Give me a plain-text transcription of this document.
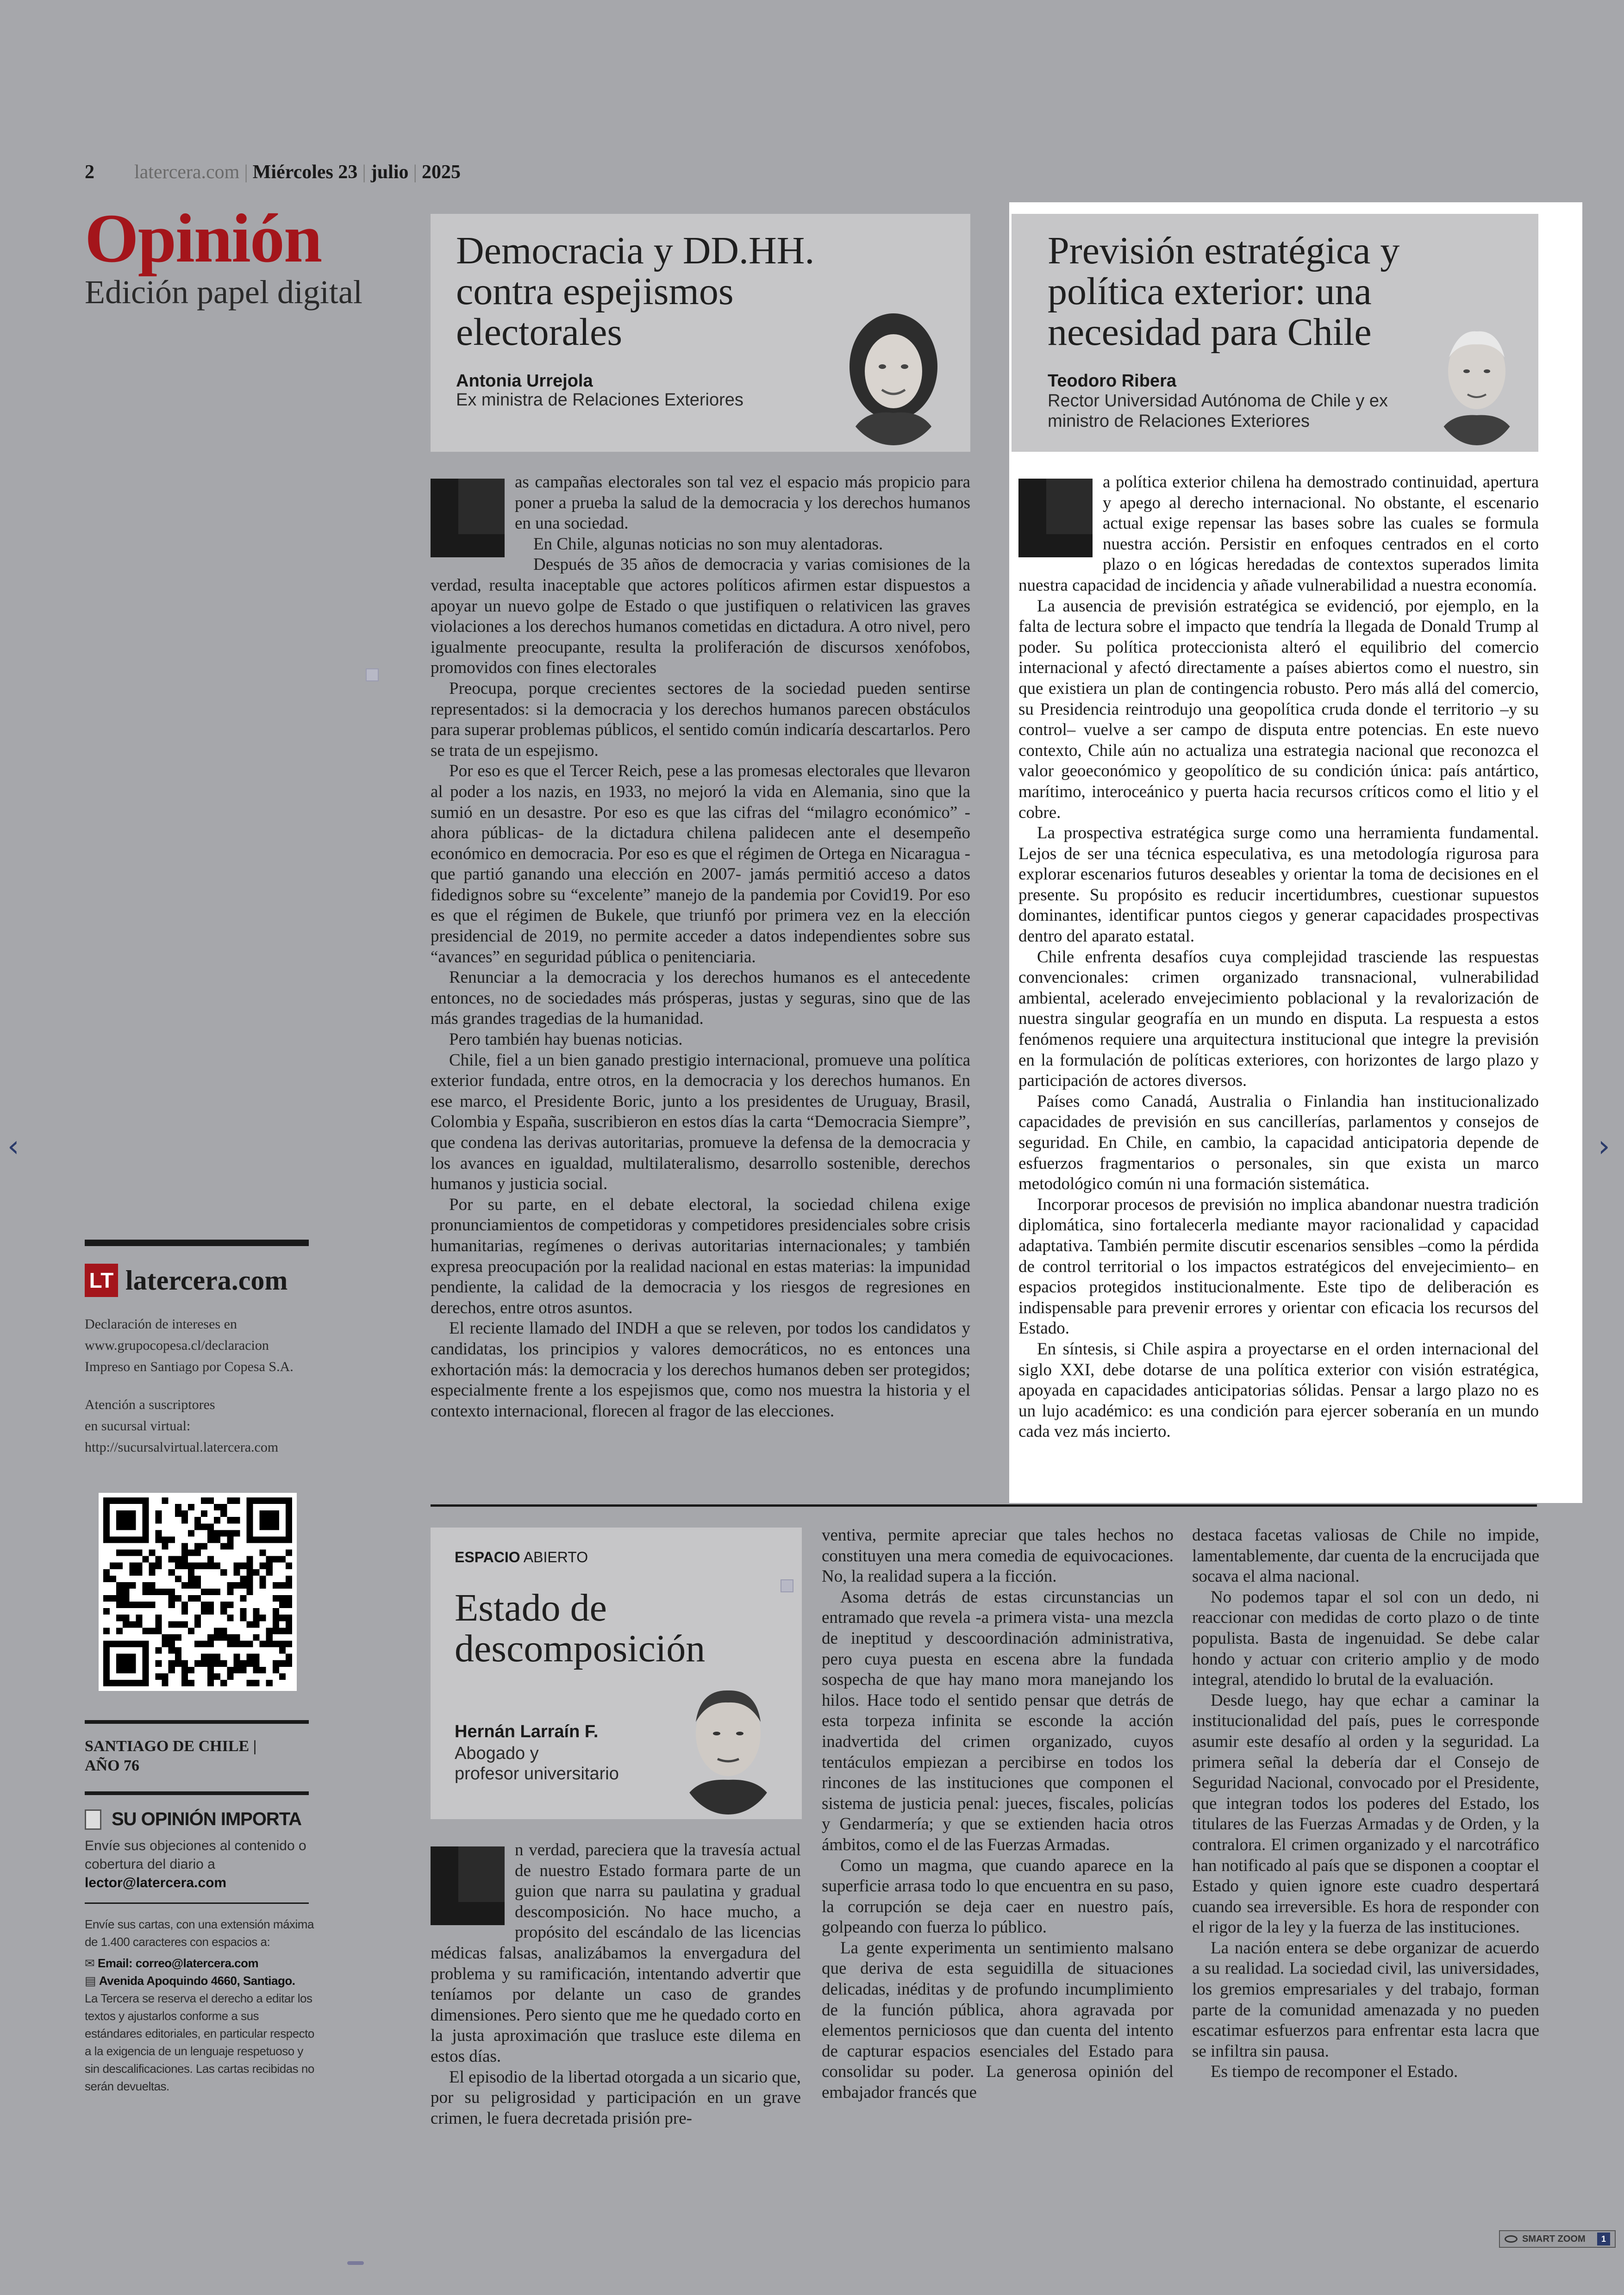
2 latercera.com | Miércoles 23 | julio | 2025
Opinión
Edición papel digital
LT latercera.com
Declaración de intereses en
www.grupocopesa.cl/declaracion
Impreso en Santiago por Copesa S.A.
Atención a suscriptores
en sucursal virtual:
http://sucursalvirtual.latercera.com
SANTIAGO DE CHILE |
AÑO 76
SU OPINIÓN IMPORTA
Envíe sus objeciones al contenido o cobertura del diario a
lector@latercera.com
Envíe sus cartas, con una extensión máxima de 1.400 caracteres con espacios a:
✉ Email: correo@latercera.com
▤ Avenida Apoquindo 4660, Santiago.
La Tercera se reserva el derecho a editar los textos y ajustarlos conforme a sus estándares editoriales, en particular respecto a la exigencia de un lenguaje respetuoso y sin descalificaciones. Las cartas recibidas no serán devueltas.
Democracia y DD.HH.
contra espejismos
electorales
Antonia Urrejola
Ex ministra de Relaciones Exteriores

as campañas electorales son tal vez el espacio más propicio para poner a prueba la salud de la democracia y los derechos humanos en una sociedad.

En Chile, algunas noticias no son muy alentadoras.

Después de 35 años de democracia y varias comisiones de la verdad, resulta inaceptable que actores políticos afirmen estar dispuestos a apoyar un nuevo golpe de Estado o que justifiquen o relativicen las graves violaciones a los derechos humanos cometidas en dictadura. A otro nivel, pero igualmente preocupante, resulta la proliferación de discursos xenófobos, promovidos con fines electorales

Preocupa, porque crecientes sectores de la sociedad pueden sentirse representados: si la democracia y los derechos humanos parecen obstáculos para superar problemas públicos, el sentido común indicaría descartarlos. Pero se trata de un espejismo.

Por eso es que el Tercer Reich, pese a las promesas electorales que llevaron al poder a los nazis, en 1933, no mejoró la vida en Alemania, sino que la sumió en un desastre. Por eso es que las cifras del “milagro económico” -ahora públicas- de la dictadura chilena palidecen ante el desempeño económico en democracia. Por eso es que el régimen de Ortega en Nicaragua -que partió ganando una elección en 2007- jamás permitió acceso a datos fidedignos sobre su “excelente” manejo de la pandemia por Covid19. Por eso es que el régimen de Bukele, que triunfó por primera vez en la elección presidencial de 2019, no permite acceder a datos independientes sobre sus “avances” en seguridad pública o penitenciaria.

Renunciar a la democracia y los derechos humanos es el antecedente entonces, no de sociedades más prósperas, justas y seguras, sino que de las más grandes tragedias de la humanidad.

Pero también hay buenas noticias.

Chile, fiel a un bien ganado prestigio internacional, promueve una política exterior fundada, entre otros, en la democracia y los derechos humanos. En ese marco, el Presidente Boric, junto a los presidentes de Uruguay, Brasil, Colombia y España, suscribieron en estos días la carta “Democracia Siempre”, que condena las derivas autoritarias, promueve la defensa de la democracia y los avances en igualdad, multilateralismo, desarrollo sostenible, derechos humanos y justicia social.

Por su parte, en el debate electoral, la sociedad chilena exige pronunciamientos de competidoras y competidores presidenciales sobre crisis humanitarias, regímenes o derivas autoritarias internacionales; y también expresa preocupación por la realidad nacional en estas materias: la impunidad pendiente, la calidad de la democracia y los riesgos de regresiones en derechos, entre otros asuntos.

El reciente llamado del INDH a que se releven, por todos los candidatos y candidatas, los principios y valores democráticos, no es entonces una exhortación más: la democracia y los derechos humanos deben ser protegidos; especialmente frente a los espejismos que, como nos muestra la historia y el contexto internacional, florecen al fragor de las elecciones.

Previsión estratégica y
política exterior: una
necesidad para Chile
Teodoro Ribera
Rector Universidad Autónoma de Chile y ex
ministro de Relaciones Exteriores

a política exterior chilena ha demostrado continuidad, apertura y apego al derecho internacional. No obstante, el escenario actual exige repensar las bases sobre las cuales se formula nuestra acción. Persistir en enfoques centrados en el corto plazo o en lógicas heredadas de contextos superados limita nuestra capacidad de incidencia y añade vulnerabilidad a nuestra economía.

La ausencia de previsión estratégica se evidenció, por ejemplo, en la falta de lectura sobre el impacto que tendría la llegada de Donald Trump al poder. Su política proteccionista alteró el equilibrio del comercio internacional y afectó directamente a países abiertos como el nuestro, sin que existiera un plan de contingencia robusto. Pero más allá del comercio, su Presidencia reintrodujo una geopolítica cruda donde el territorio –y su control– vuelve a ser campo de disputa entre potencias. En este nuevo contexto, Chile aún no actualiza una estrategia nacional que reconozca el valor geoeconómico y geopolítico de su condición única: país antártico, marítimo, interoceánico y puerta hacia recursos críticos como el litio y el cobre.

La prospectiva estratégica surge como una herramienta fundamental. Lejos de ser una técnica especulativa, es una metodología rigurosa para explorar escenarios futuros deseables y orientar la toma de decisiones en el presente. Su propósito es reducir incertidumbres, cuestionar supuestos dominantes, identificar puntos ciegos y generar capacidades prospectivas dentro del aparato estatal.

Chile enfrenta desafíos cuya complejidad trasciende las respuestas convencionales: crimen organizado transnacional, vulnerabilidad ambiental, acelerado envejecimiento poblacional y la revalorización de nuestra singular geografía en un mundo en disputa. La respuesta a estos fenómenos requiere una arquitectura institucional que integre la previsión en la formulación de políticas exteriores, con horizontes de largo plazo y participación de actores diversos.

Países como Canadá, Australia o Finlandia han institucionalizado capacidades de previsión en sus cancillerías, parlamentos y consejos de seguridad. En Chile, en cambio, la capacidad anticipatoria depende de esfuerzos fragmentarios o personales, sin que exista un marco metodológico común ni una formación sistemática.

Incorporar procesos de previsión no implica abandonar nuestra tradición diplomática, sino fortalecerla mediante mayor racionalidad y capacidad adaptativa. También permite discutir escenarios sensibles –como la pérdida de control territorial o los impactos estratégicos del envejecimiento– en espacios protegidos institucionalmente. Este tipo de deliberación es indispensable para prevenir errores y orientar con eficacia los recursos del Estado.

En síntesis, si Chile aspira a proyectarse en el orden internacional del siglo XXI, debe dotarse de una política exterior con visión estratégica, apoyada en capacidades anticipatorias sólidas. Pensar a largo plazo no es un lujo académico: es una condición para ejercer soberanía en un mundo cada vez más incierto.

ESPACIO ABIERTO
Estado de
descomposición
Hernán Larraín F.
Abogado y
profesor universitario

n verdad, pareciera que la travesía actual de nuestro Estado formara parte de un guion que narra su paulatina y gradual descomposición. No hace mucho, a propósito del escándalo de las licencias médicas falsas, analizábamos la envergadura del problema y su ramificación, intentando advertir que teníamos por delante un caso de grandes dimensiones. Pero siento que me he quedado corto en la justa aproximación que trasluce este dilema en estos días.

El episodio de la libertad otorgada a un sicario que, por su peligrosidad y participación en un grave crimen, le fuera decretada prisión pre-

ventiva, permite apreciar que tales hechos no constituyen una mera comedia de equivocaciones. No, la realidad supera a la ficción.

Asoma detrás de estas circunstancias un entramado que revela -a primera vista- una mezcla de ineptitud y descoordinación administrativa, pero cuya puesta en escena abre la fundada sospecha de que hay mano mora manejando los hilos. Hace todo el sentido pensar que detrás de esta torpeza infinita se esconde la acción inadvertida del crimen organizado, cuyos tentáculos empiezan a percibirse en todos los rincones de las instituciones que componen el sistema de justicia penal: jueces, fiscales, policías y Gendarmería; y que se extienden hacia otros ámbitos, como el de las Fuerzas Armadas.

Como un magma, que cuando aparece en la superficie arrasa todo lo que encuentra en su paso, la corrupción se deja caer en nuestro país, golpeando con fuerza lo público.

La gente experimenta un sentimiento malsano que deriva de esta seguidilla de situaciones delicadas, inéditas y de profundo incumplimiento de la función pública, ahora agravada por elementos perniciosos que dan cuenta del intento de capturar espacios esenciales del Estado para consolidar su poder. La generosa opinión del embajador francés que

destaca facetas valiosas de Chile no impide, lamentablemente, dar cuenta de la encrucijada que socava el alma nacional.

No podemos tapar el sol con un dedo, ni reaccionar con medidas de corto plazo o de tinte populista. Basta de ingenuidad. Se debe calar hondo y actuar con criterio amplio y de modo integral, atendido lo brutal de la evaluación.

Desde luego, hay que echar a caminar la institucionalidad del país, pues le corresponde asumir este desafío al orden y la seguridad. La primera señal la debería dar el Consejo de Seguridad Nacional, convocado por el Presidente, que integran todos los poderes del Estado, los titulares de las Fuerzas Armadas y de Orden, y la contralora. El crimen organizado y el narcotráfico han notificado al país que se disponen a cooptar el Estado y quien ignore este cuadro despertará cuando sea irreversible. Es hora de responder con el rigor de la ley y la fuerza de las instituciones.

La nación entera se debe organizar de acuerdo a su realidad. La sociedad civil, las universidades, los gremios empresariales y del trabajo, forman parte de la comunidad amenazada y no pueden escatimar esfuerzos para enfrentar esta lacra que se infiltra sin pausa.

Es tiempo de recomponer el Estado.

‹	›
SMART ZOOM	1
